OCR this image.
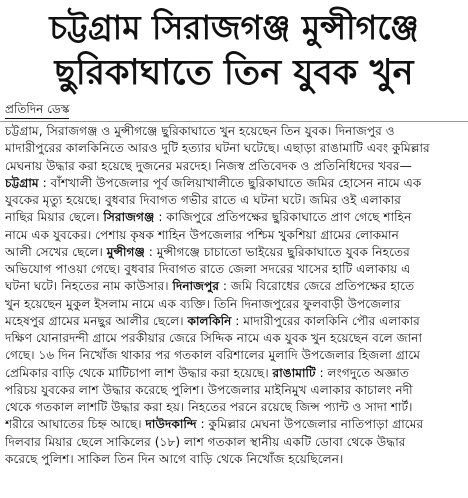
চট্টগ্রাম সিরাজগঞ্জ মুন্সীগঞ্জে
ছুরিকাঘাতে তিন যুবক খুন
প্রতিদিন ডেস্ক
চট্টগ্রাম, সিরাজগঞ্জ ও মুন্সীগঞ্জে ছুরিকাঘাতে খুন হয়েছেন তিন যুবক। দিনাজপুর ও
মাদারীপুরের কালকিনিতে আরও দুটি হত্যার ঘটনা ঘটেছে। এছাড়া রাঙামাটি এবং কুমিল্লার
মেঘনায় উদ্ধার করা হয়েছে দুজনের মরদেহ। নিজস্ব প্রতিবেদক ও প্রতিনিধিদের খবর—
চট্টগ্রাম : বাঁশখালী উপজেলার পূর্ব জলিয়াখালীতে ছুরিকাঘাতে জমির হোসেন নামে এক
যুবকের মৃত্যু হয়েছে। বুধবার দিবাগত গভীর রাতে এ ঘটনা ঘটে। জমির ওই এলাকার
নাছির মিয়ার ছেলে। সিরাজগঞ্জ : কাজিপুরে প্রতিপক্ষের ছুরিকাঘাতে প্রাণ গেছে শাহিন
নামে এক যুবকের। পেশায় কৃষক শাহিন উপজেলার পশ্চিম খুকশিয়া গ্রামের লোকমান
আলী সেখের ছেলে। মুন্সীগঞ্জ : মুন্সীগঞ্জে চাচাতো ভাইয়ের ছুরিকাঘাতে যুবক নিহতের
অভিযোগ পাওয়া গেছে। বুধবার দিবাগত রাতে জেলা সদরের খাসের হাটি এলাকায় এ
ঘটনা ঘটে। নিহতের নাম কাউসার। দিনাজপুর : জমি বিরোধের জেরে প্রতিপক্ষের হাতে
খুন হয়েছেন মুকুল ইসলাম নামে এক ব্যক্তি। তিনি দিনাজপুরের ফুলবাড়ী উপজেলার
মহেষপুর গ্রামের মনছুর আলীর ছেলে। কালকিনি : মাদারীপুরের কালকিনি পৌর এলাকার
দক্ষিণ যোনারদন্দী গ্রামে পরকীয়ার জেরে সিদ্দিক নামে এক যুবক খুন হয়েছেন বলে জানা
গেছে। ১৬ দিন নিখোঁজ থাকার পর গতকাল বরিশালের মুলাদি উপজেলার হিজলা গ্রামে
প্রেমিকার বাড়ি থেকে মাটিচাপা লাশ উদ্ধার করা হয়েছে। রাঙামাটি : লংগদুতে অজ্ঞাত
পরিচয় যুবকের লাশ উদ্ধার করেছে পুলিশ। উপজেলার মাইনিমুখ এলাকার কাচালং নদী
থেকে গতকাল লাশটি উদ্ধার করা হয়। নিহতের পরনে রয়েছে জিন্স প্যান্ট ও সাদা শার্ট।
শরীরে আঘাতের চিহ্ন আছে। দাউদকান্দি : কুমিল্লার মেঘনা উপজেলার নাতিপাড়া গ্রামের
দিলবার মিয়ার ছেলে সাকিলের (১৮) লাশ গতকাল স্থানীয় একটি ডোবা থেকে উদ্ধার
করেছে পুলিশ। সাকিল তিন দিন আগে বাড়ি থেকে নিখোঁজ হয়েছিলেন।
